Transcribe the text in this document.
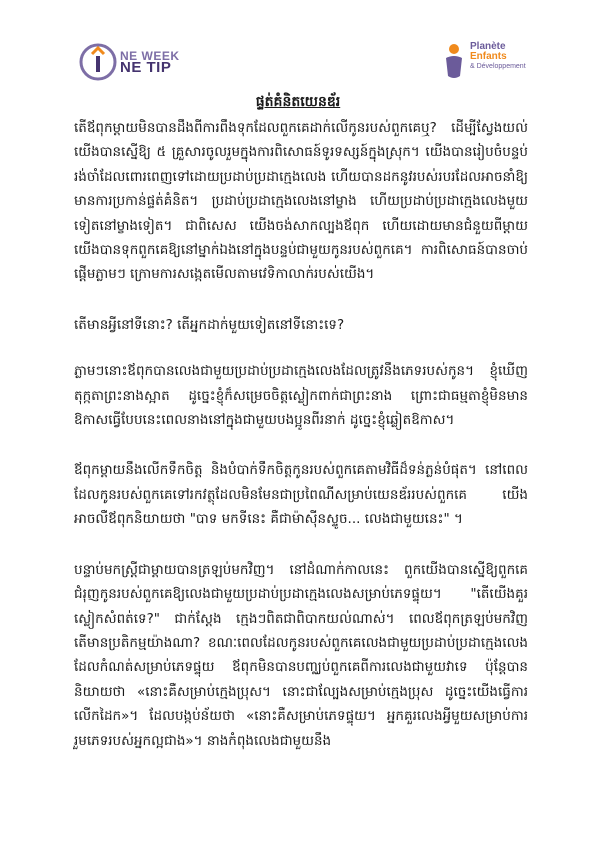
NE WEEK
NE TIP
Planète
Enfants
& Développement
ផ្ទត់គំនិតយេនឌ័រ

តើឪពុកម្តាយមិនបានដឹងពីការពឹងទុកដែលពួកគេដាក់លើកូនរបស់ពួកគេឬ? ដើម្បីស្វែងយល់ យើងបានស្នើឱ្យ ៥ គ្រួសារចូលរួមក្នុងការពិសោធន៍ទូរទស្សន៍ក្នុងស្រុក។ យើងបានរៀបចំបន្ទប់រង់ចាំដែលពោរពេញទៅដោយប្រដាប់ប្រដាក្មេងលេង ហើយបានដកនូវរបស់របរដែលអាចនាំឱ្យមានការប្រកាន់ផ្ទត់គំនិត។ ប្រដាប់ប្រដាក្មេងលេងនៅម្ខាង ហើយប្រដាប់ប្រដាក្មេងលេងមួយទៀតនៅម្ខាងទៀត។ ជាពិសេស យើងចង់សាកល្បងឪពុក ហើយដោយមានជំនួយពីម្តាយ យើងបានទុកពួកគេឱ្យនៅម្នាក់ឯងនៅក្នុងបន្ទប់ជាមួយកូនរបស់ពួកគេ។ ការពិសោធន៍បានចាប់ផ្តើមភ្លាមៗ ក្រោមការសង្កេតមើលតាមវេទិកាលាក់របស់យើង។

តើមានអ្វីនៅទីនោះ? តើអ្នកដាក់មួយទៀតនៅទីនោះទេ?

ភ្លាមៗនោះឪពុកបានលេងជាមួយប្រដាប់ប្រដាក្មេងលេងដែលត្រូវនឹងភេទរបស់កូន។ ខ្ញុំឃើញតុក្កតាព្រះនាងស្អាត ដូច្នេះខ្ញុំក៏សម្រេចចិត្តស្លៀកពាក់ជាព្រះនាង ព្រោះជាធម្មតាខ្ញុំមិនមានឱកាសធ្វើបែបនេះពេលនាងនៅក្នុងជាមួយបងប្អូនពីរនាក់ ដូច្នេះខ្ញុំឆ្លៀតឱកាស។

ឪពុកម្តាយនឹងលើកទឹកចិត្ត និងបំបាក់ទឹកចិត្តកូនរបស់ពួកគេតាមវិធីដ៏ទន់ភ្លន់បំផុត។ នៅពេលដែលកូនរបស់ពួកគេទៅរកវត្ថុដែលមិនមែនជាប្រពៃណីសម្រាប់យេនឌ័ររបស់ពួកគេ យើងអាចលឺឪពុកនិយាយថា "បាទ មកទីនេះ គឺជាម៉ាស៊ីនស្ទូច... លេងជាមួយនេះ" ។

បន្ទាប់មកស្រ្តីជាម្តាយបានត្រឡប់មកវិញ។ នៅដំណាក់កាលនេះ ពួកយើងបានស្នើឱ្យពួកគេជំរុញកូនរបស់ពួកគេឱ្យលេងជាមួយប្រដាប់ប្រដាក្មេងលេងសម្រាប់ភេទផ្ទុយ។ "តើយើងគួរស្លៀកសំពត់ទេ?" ជាក់ស្តែង ក្មេងៗពិតជាពិបាកយល់ណាស់។ ពេលឪពុកត្រឡប់មកវិញ តើមានប្រតិកម្មយ៉ាងណា? ខណៈពេលដែលកូនរបស់ពួកគេលេងជាមួយប្រដាប់ប្រដាក្មេងលេងដែលកំណត់សម្រាប់ភេទផ្ទុយ ឪពុកមិនបានបញ្ឈប់ពួកគេពីការលេងជាមួយវាទេ ប៉ុន្តែបាននិយាយថា «នោះគឺសម្រាប់ក្មេងប្រុស។ នោះជាល្បែងសម្រាប់ក្មេងប្រុស ដូច្នេះយើងធ្វើការលើកដៃក»។ ដែលបង្កប់ន័យថា «នោះគឺសម្រាប់ភេទផ្ទុយ។ អ្នកគួរលេងអ្វីមួយសម្រាប់ការរួមភេទរបស់អ្នកល្អជាង»។ នាងកំពុងលេងជាមួយនឹង
